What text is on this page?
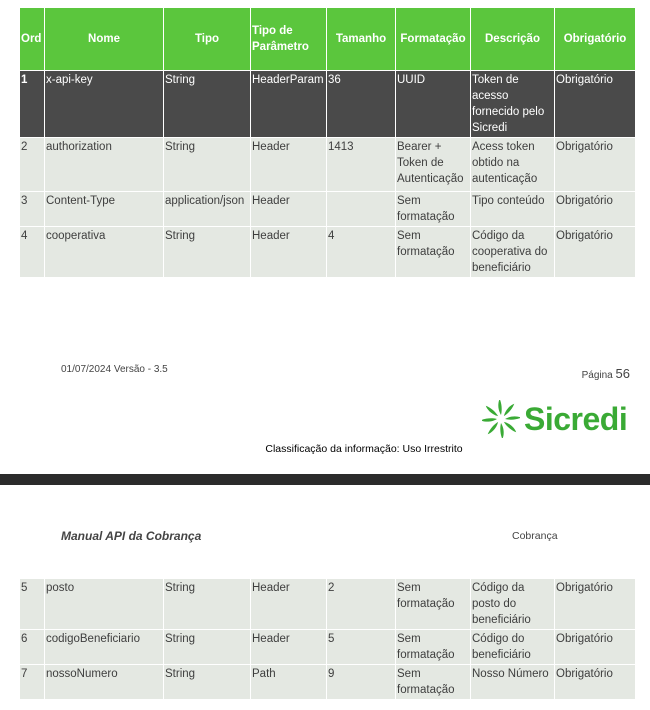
Ord	Nome	Tipo	Tipo de Parâmetro	Tamanho	Formatação	Descrição	Obrigatório
1	x-api-key	String	HeaderParam	36	UUID	Token de acesso fornecido pelo Sicredi	Obrigatório
2	authorization	String	Header	1413	Bearer + Token de Autenticação	Acess token obtido na autenticação	Obrigatório
3	Content-Type	application/json	Header		Sem formatação	Tipo conteúdo	Obrigatório
4	cooperativa	String	Header	4	Sem formatação	Código da cooperativa do beneficiário	Obrigatório
01/07/2024 Versão - 3.5
Página 56
Sicredi
Classificação da informação: Uso Irrestrito
Manual API da Cobrança	Cobrança
5	posto	String	Header	2	Sem formatação	Código da posto do beneficiário	Obrigatório
6	codigoBeneficiario	String	Header	5	Sem formatação	Código do beneficiário	Obrigatório
7	nossoNumero	String	Path	9	Sem formatação	Nosso Número	Obrigatório
